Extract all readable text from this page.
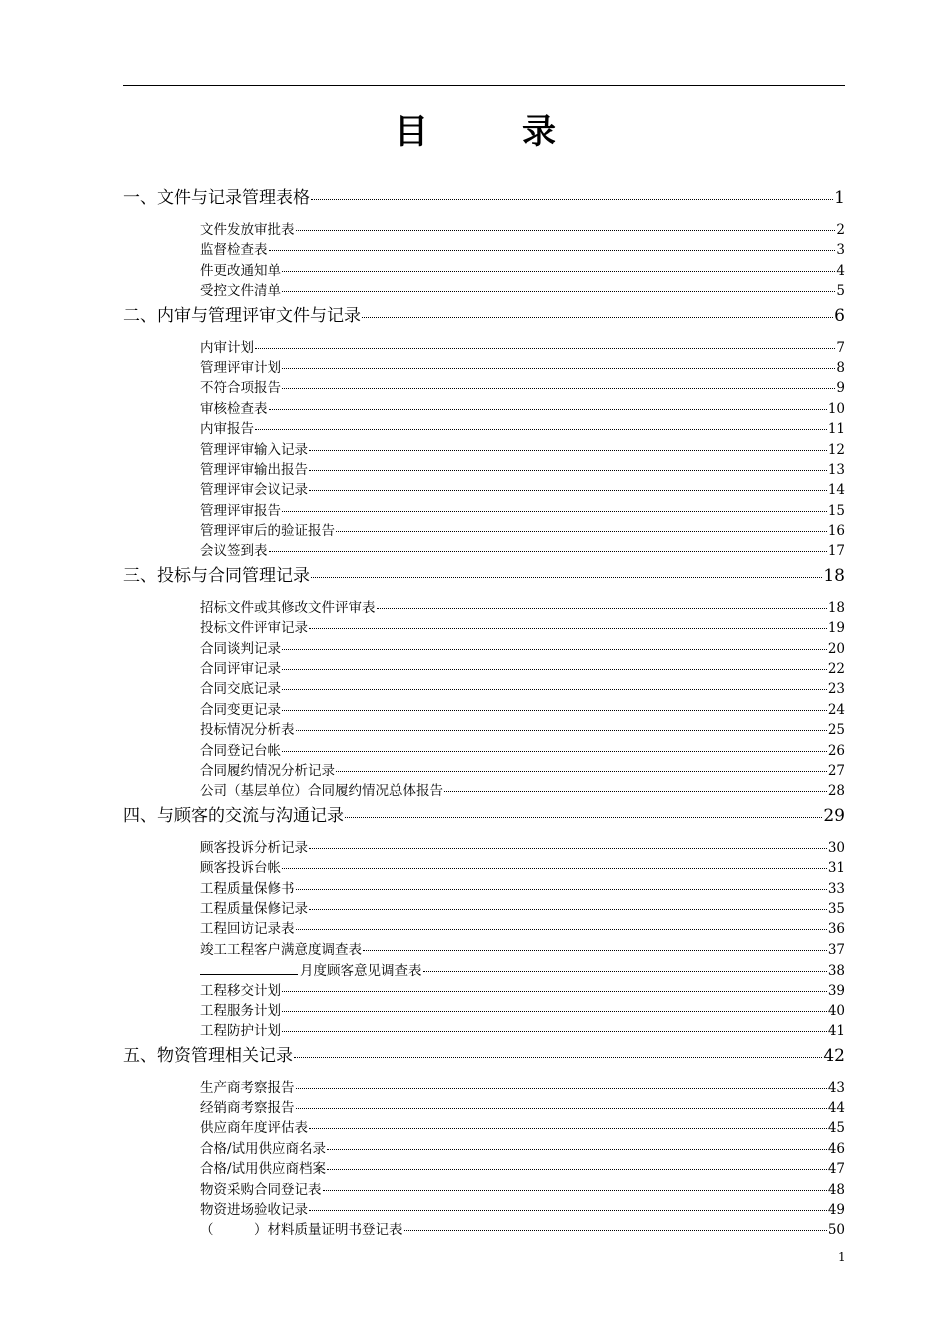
目　录
一、文件与记录管理表格	1
文件发放审批表	2
监督检查表	3
件更改通知单	4
受控文件清单	5
二、内审与管理评审文件与记录	6
内审计划	7
管理评审计划	8
不符合项报告	9
审核检查表	10
内审报告	11
管理评审输入记录	12
管理评审输出报告	13
管理评审会议记录	14
管理评审报告	15
管理评审后的验证报告	16
会议签到表	17
三、投标与合同管理记录	18
招标文件或其修改文件评审表	18
投标文件评审记录	19
合同谈判记录	20
合同评审记录	22
合同交底记录	23
合同变更记录	24
投标情况分析表	25
合同登记台帐	26
合同履约情况分析记录	27
公司（基层单位）合同履约情况总体报告	28
四、与顾客的交流与沟通记录	29
顾客投诉分析记录	30
顾客投诉台帐	31
工程质量保修书	33
工程质量保修记录	35
工程回访记录表	36
竣工工程客户满意度调查表	37
月度顾客意见调查表	38
工程移交计划	39
工程服务计划	40
工程防护计划	41
五、物资管理相关记录	42
生产商考察报告	43
经销商考察报告	44
供应商年度评估表	45
合格/试用供应商名录	46
合格/试用供应商档案	47
物资采购合同登记表	48
物资进场验收记录	49
（　　　）材料质量证明书登记表	50
1
